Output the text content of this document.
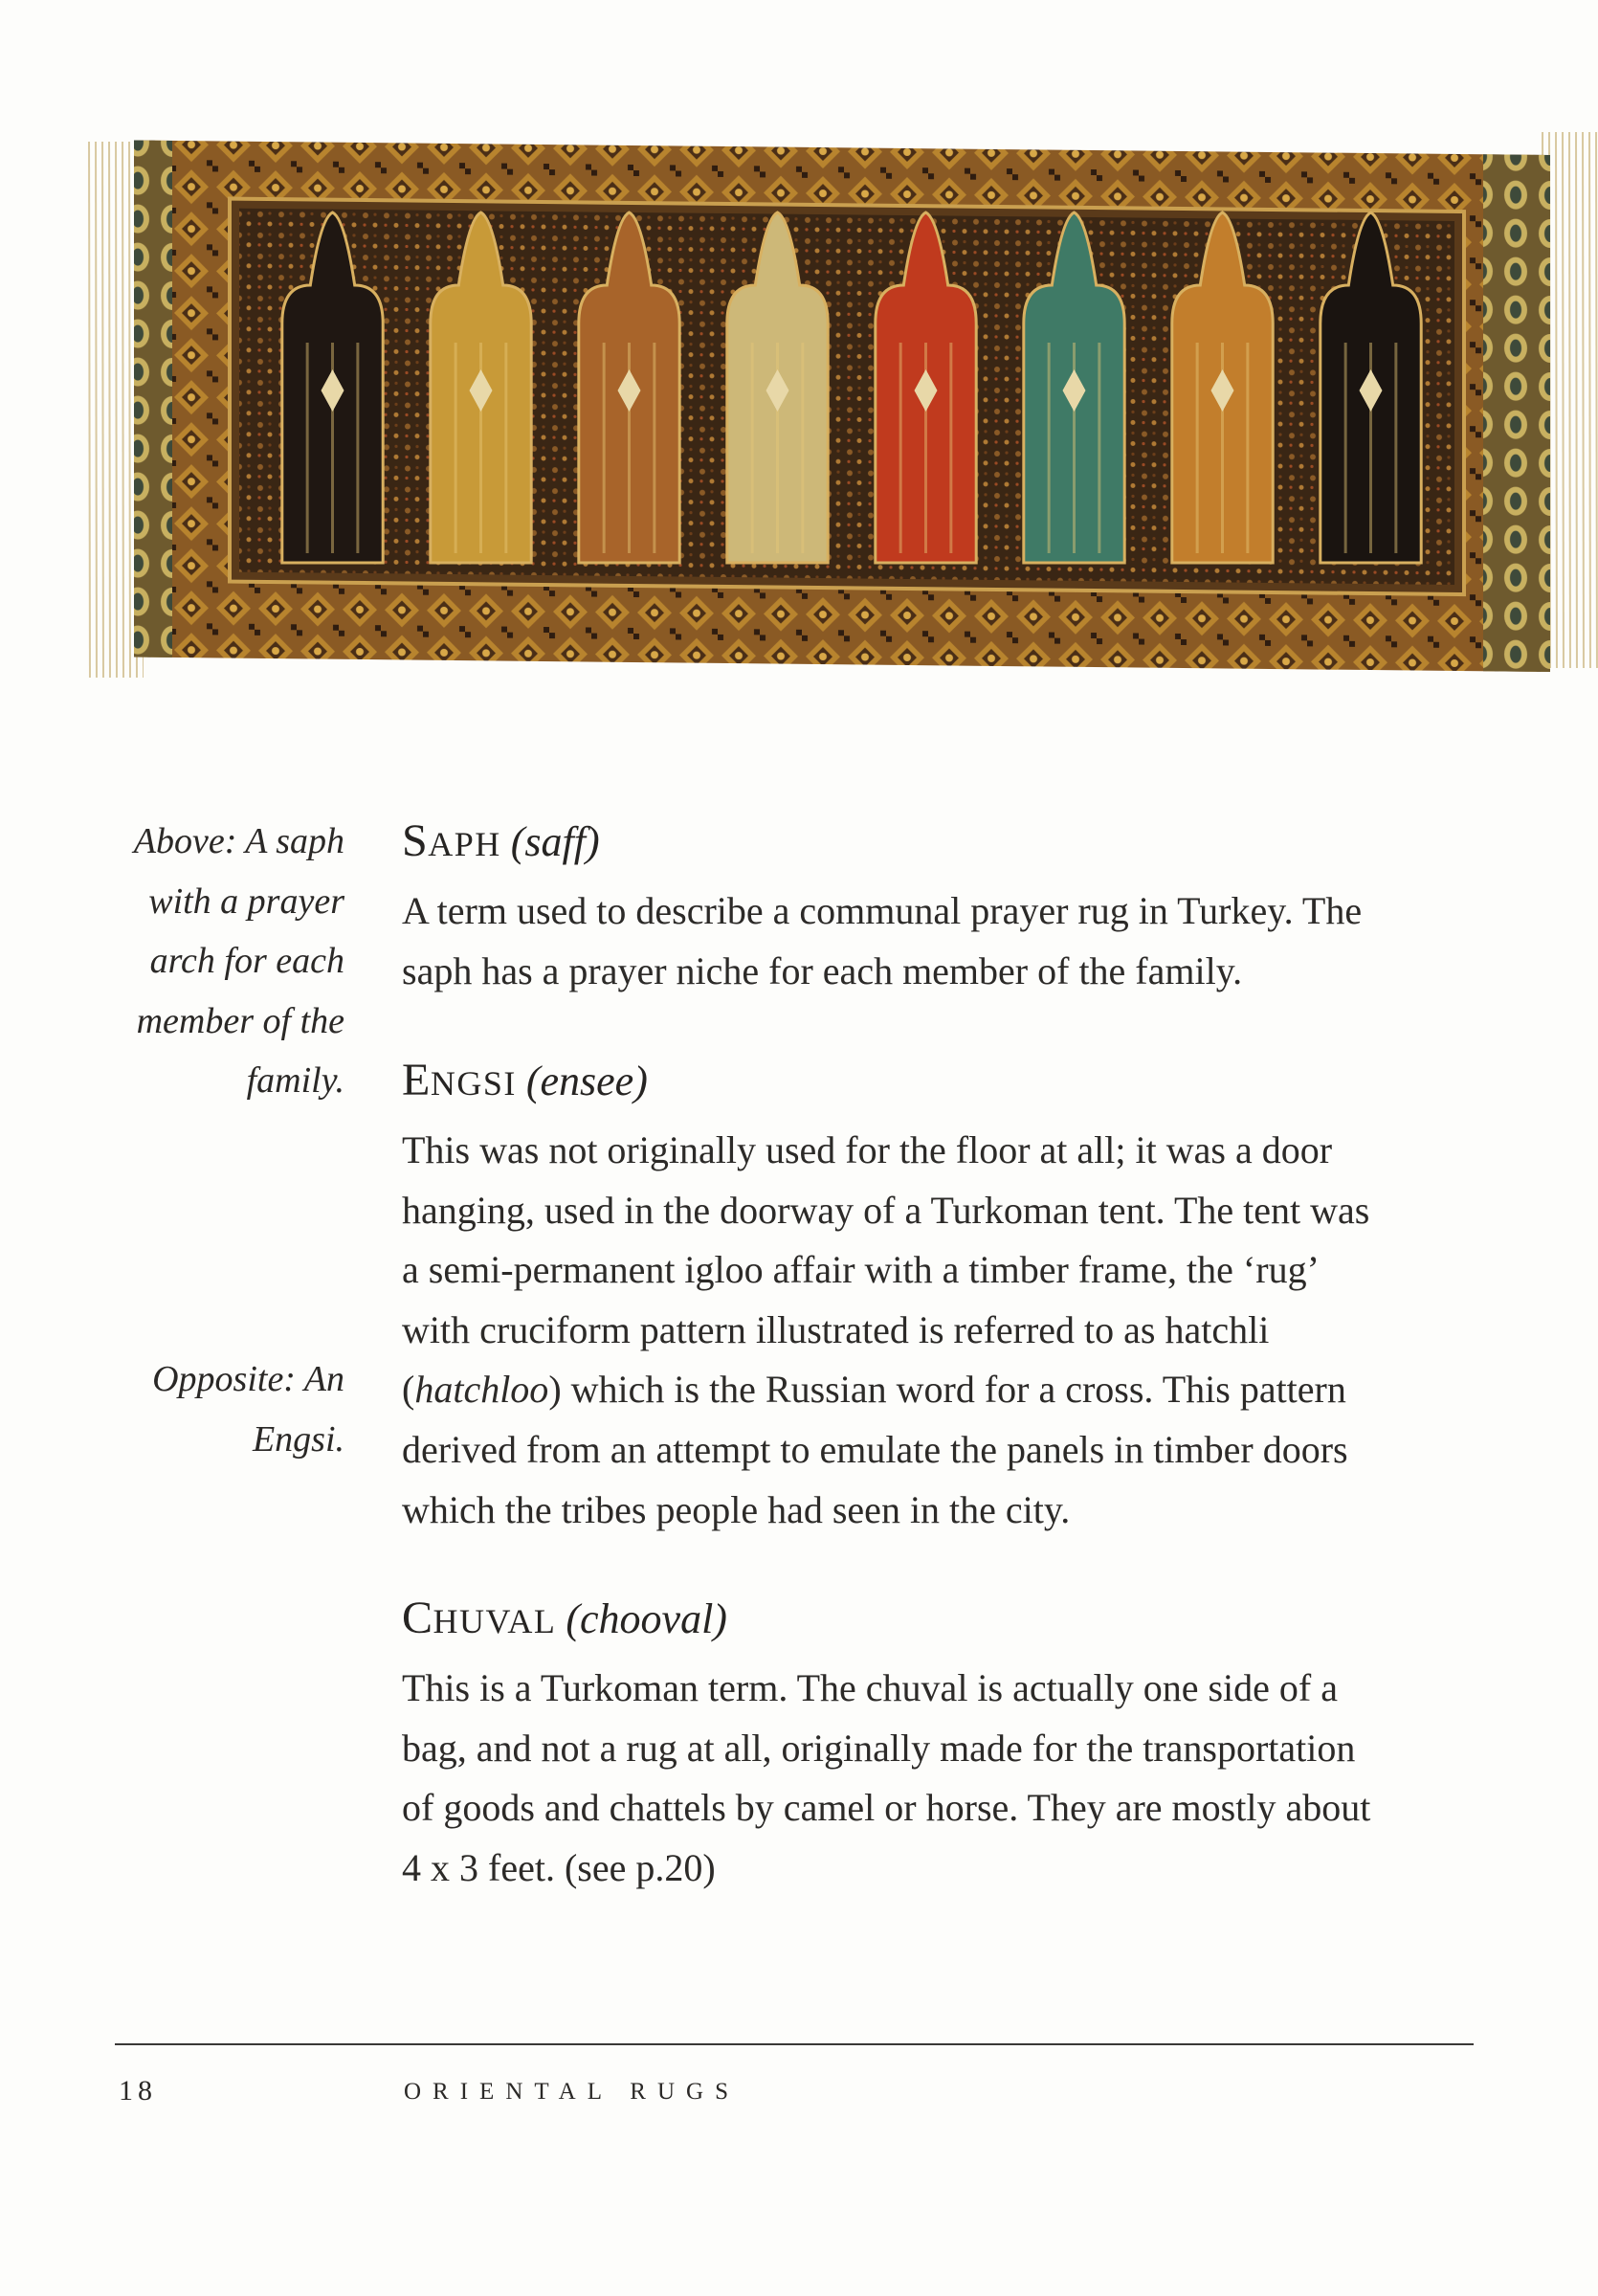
Above: A saph
with a prayer
arch for each
member of the
family.
Opposite: An
Engsi.
SAPH (saff)
A term used to describe a communal prayer rug in Turkey. The
saph has a prayer niche for each member of the family.
ENGSI (ensee)
This was not originally used for the floor at all; it was a door
hanging, used in the doorway of a Turkoman tent. The tent was
a semi-permanent igloo affair with a timber frame, the ‘rug’
with cruciform pattern illustrated is referred to as hatchli
(hatchloo) which is the Russian word for a cross. This pattern
derived from an attempt to emulate the panels in timber doors
which the tribes people had seen in the city.
CHUVAL (chooval)
This is a Turkoman term. The chuval is actually one side of a
bag, and not a rug at all, originally made for the transportation
of goods and chattels by camel or horse. They are mostly about
4 x 3 feet. (see p.20)
18	ORIENTAL RUGS
